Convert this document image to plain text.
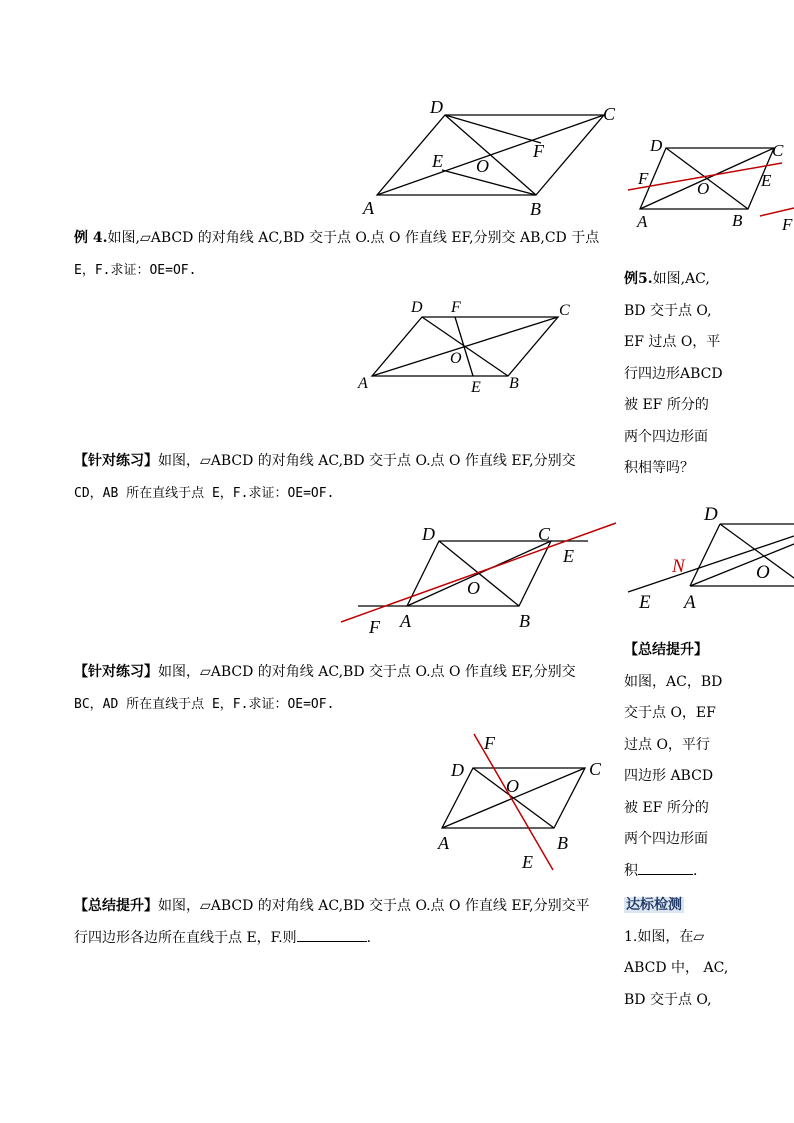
D	C
A	B
E	F
O
D	C
F	E
O
A	B F

例 4.如图,▱ABCD 的对角线 AC,BD 交于点 O.点 O 作直线 EF,分别交 AB,CD 于点
E，F.求证：OE=OF.

D F	C
O
A	E B

【针对练习】如图，▱ABCD 的对角线 AC,BD 交于点 O.点 O 作直线 EF,分别交
CD，AB 所在直线于点 E，F.求证：OE=OF.

D	C
E
O
F A	B

【针对练习】如图，▱ABCD 的对角线 AC,BD 交于点 O.点 O 作直线 EF,分别交
BC，AD 所在直线于点 E，F.求证：OE=OF.

F
D	C
O
A	B
E

【总结提升】如图，▱ABCD 的对角线 AC,BD 交于点 O.点 O 作直线 EF,分别交平
行四边形各边所在直线于点 E，F.则	.

例5.如图,AC,
BD 交于点 O,
EF 过点 O，平
行四边形ABCD
被 EF 所分的
两个四边形面
积相等吗？

D
N	O
E A

【总结提升】
如图，AC，BD
交于点 O，EF
过点 O，平行
四边形 ABCD
被 EF 所分的
两个四边形面
积	.

达标检测
1.如图，在▱
ABCD 中， AC,
BD 交于点 O,
